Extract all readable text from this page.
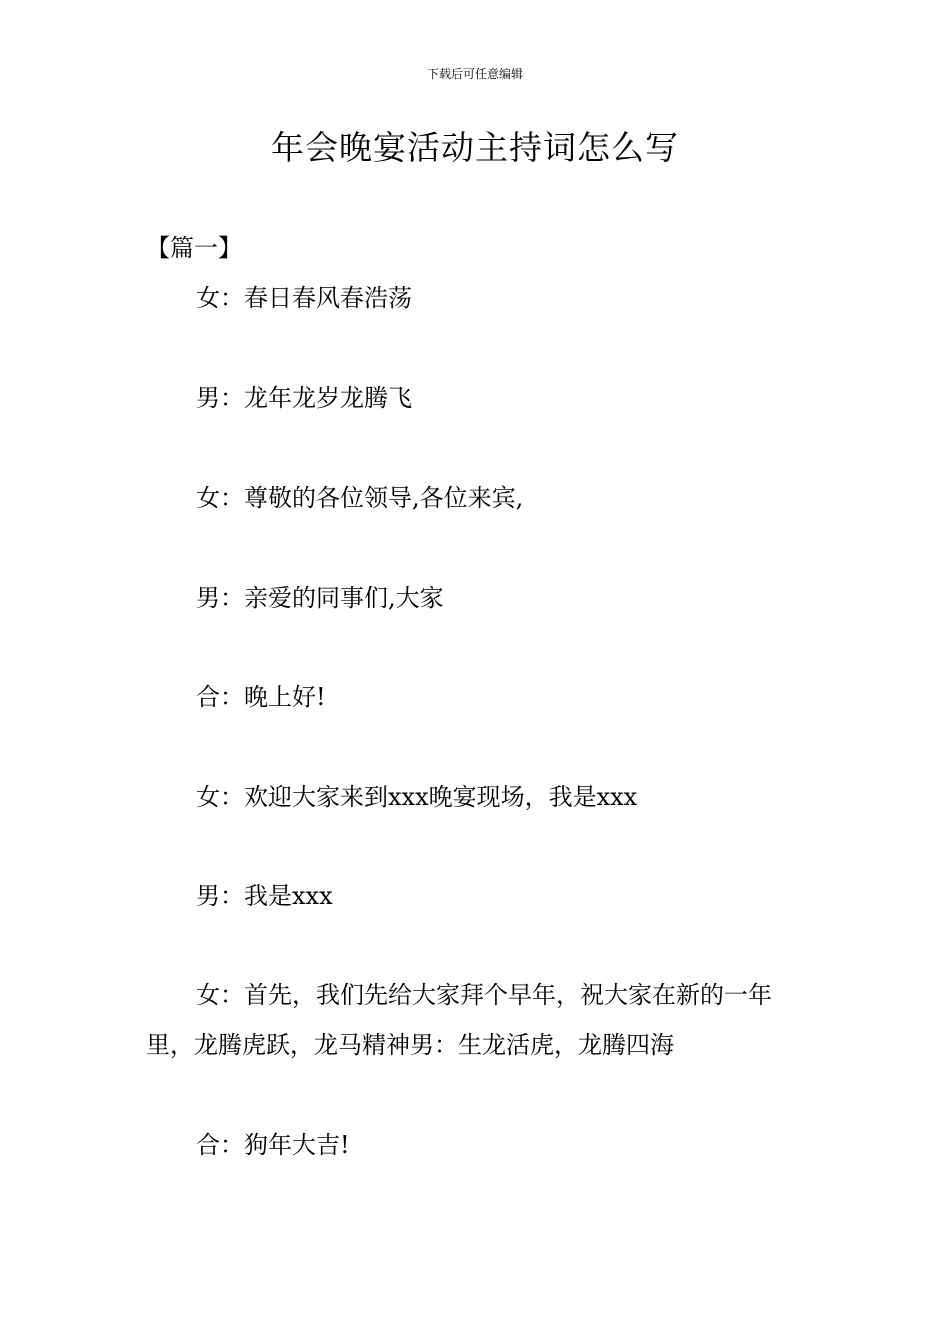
下载后可任意编辑
年会晚宴活动主持词怎么写
【篇一】

女：春日春风春浩荡

男：龙年龙岁龙腾飞

女：尊敬的各位领导,各位来宾,

男：亲爱的同事们,大家

合：晚上好!

女：欢迎大家来到xxx晚宴现场，我是xxx

男：我是xxx

女：首先，我们先给大家拜个早年，祝大家在新的一年里，龙腾虎跃，龙马精神男：生龙活虎，龙腾四海

合：狗年大吉!
